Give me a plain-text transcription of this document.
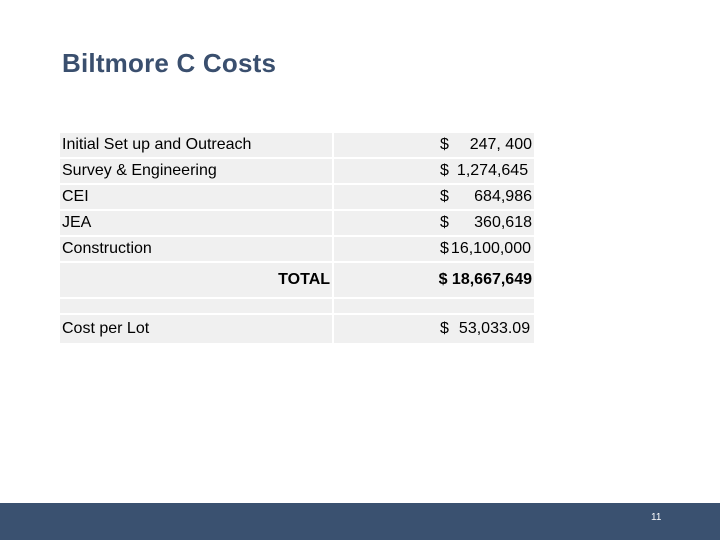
Biltmore C Costs
Initial Set up and Outreach	$ 247, 400

Survey & Engineering	$ 1,274,645

CEI	$ 684,986

JEA	$ 360,618

Construction	$ 16,100,000

TOTAL	$ 18,667,649

Cost per Lot	$ 53,033.09
11
